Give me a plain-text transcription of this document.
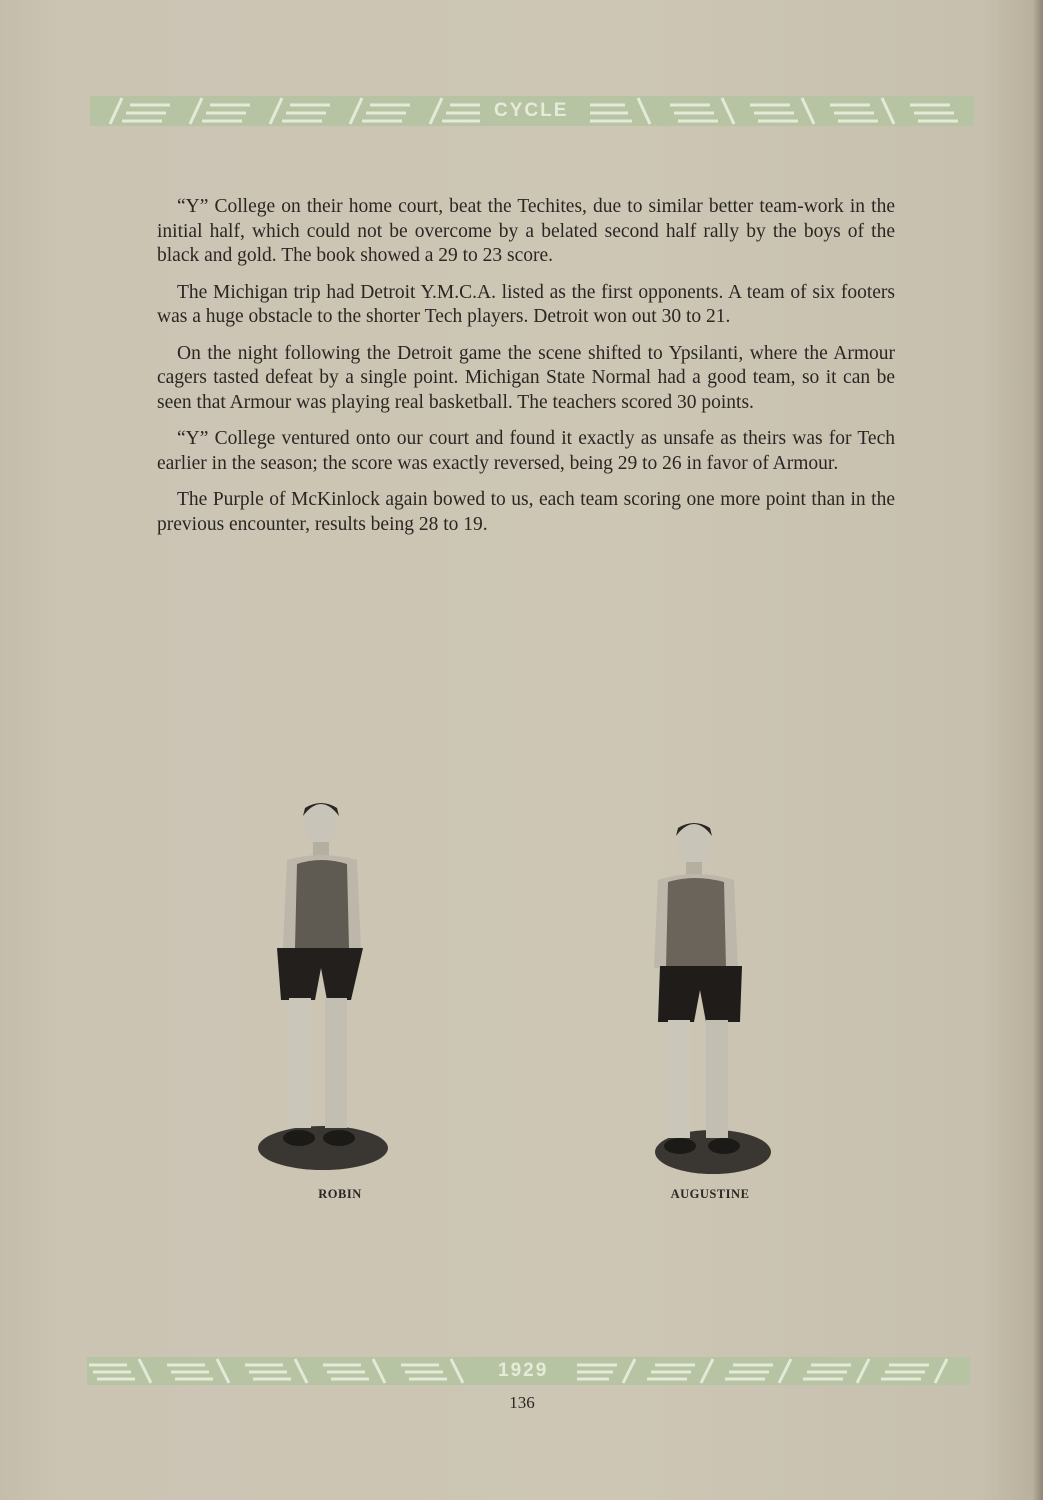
CYCLE

“Y” College on their home court, beat the Techites, due to similar better team-work in the initial half, which could not be overcome by a belated second half rally by the boys of the black and gold. The book showed a 29 to 23 score.

The Michigan trip had Detroit Y.M.C.A. listed as the first opponents. A team of six footers was a huge obstacle to the shorter Tech players. Detroit won out 30 to 21.

On the night following the Detroit game the scene shifted to Ypsilanti, where the Armour cagers tasted defeat by a single point. Michigan State Normal had a good team, so it can be seen that Armour was playing real basketball. The teachers scored 30 points.

“Y” College ventured onto our court and found it exactly as unsafe as theirs was for Tech earlier in the season; the score was exactly reversed, being 29 to 26 in favor of Armour.

The Purple of McKinlock again bowed to us, each team scoring one more point than in the previous encounter, results being 28 to 19.

ROBIN	AUGUSTINE
1929
136
